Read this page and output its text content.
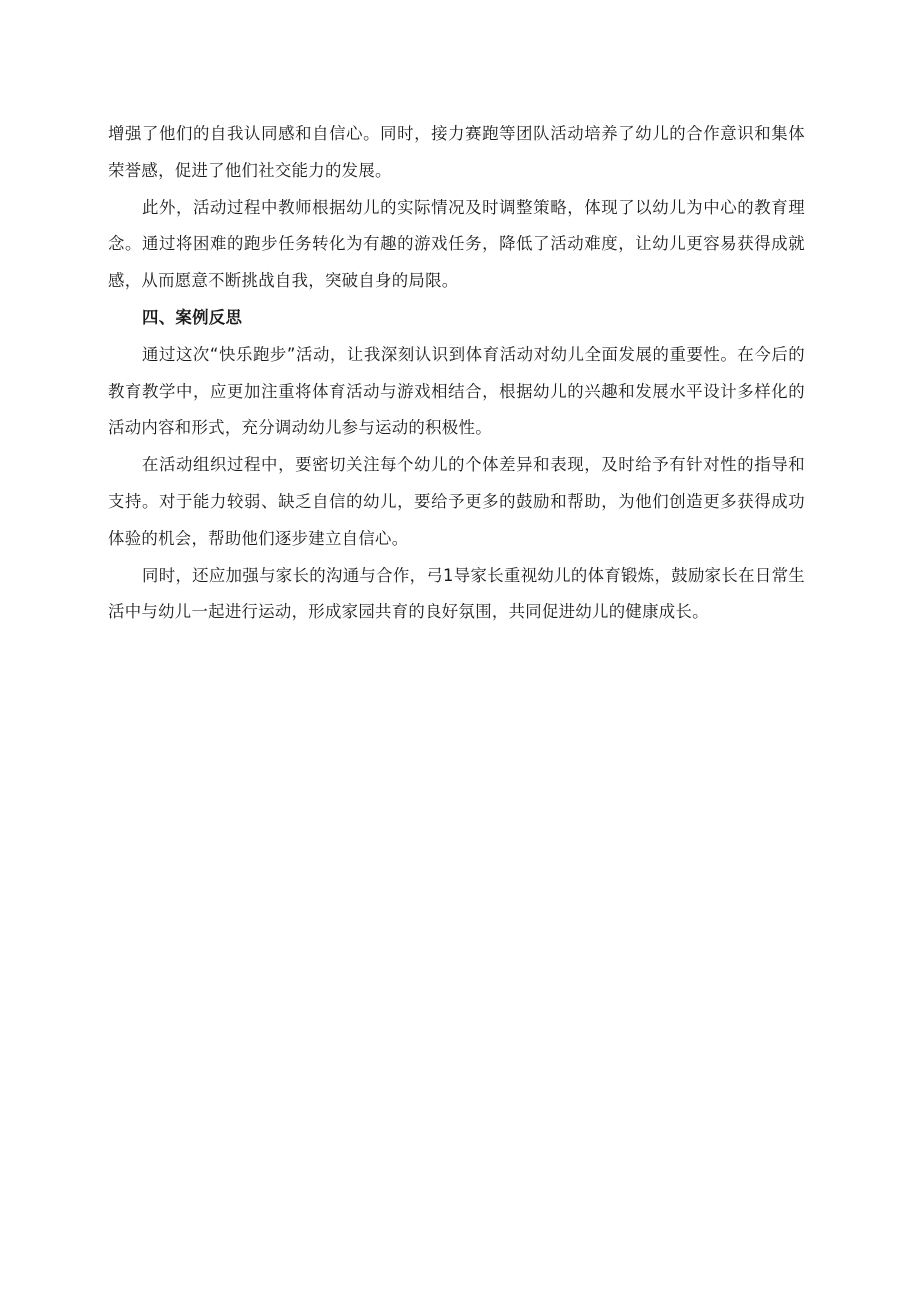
增强了他们的自我认同感和自信心。同时，接力赛跑等团队活动培养了幼儿的合作意识和集体荣誉感，促进了他们社交能力的发展。

此外，活动过程中教师根据幼儿的实际情况及时调整策略，体现了以幼儿为中心的教育理念。通过将困难的跑步任务转化为有趣的游戏任务，降低了活动难度，让幼儿更容易获得成就感，从而愿意不断挑战自我，突破自身的局限。

四、案例反思

通过这次“快乐跑步”活动，让我深刻认识到体育活动对幼儿全面发展的重要性。在今后的教育教学中，应更加注重将体育活动与游戏相结合，根据幼儿的兴趣和发展水平设计多样化的活动内容和形式，充分调动幼儿参与运动的积极性。

在活动组织过程中，要密切关注每个幼儿的个体差异和表现，及时给予有针对性的指导和支持。对于能力较弱、缺乏自信的幼儿，要给予更多的鼓励和帮助，为他们创造更多获得成功体验的机会，帮助他们逐步建立自信心。

同时，还应加强与家长的沟通与合作，弓1导家长重视幼儿的体育锻炼，鼓励家长在日常生活中与幼儿一起进行运动，形成家园共育的良好氛围，共同促进幼儿的健康成长。
